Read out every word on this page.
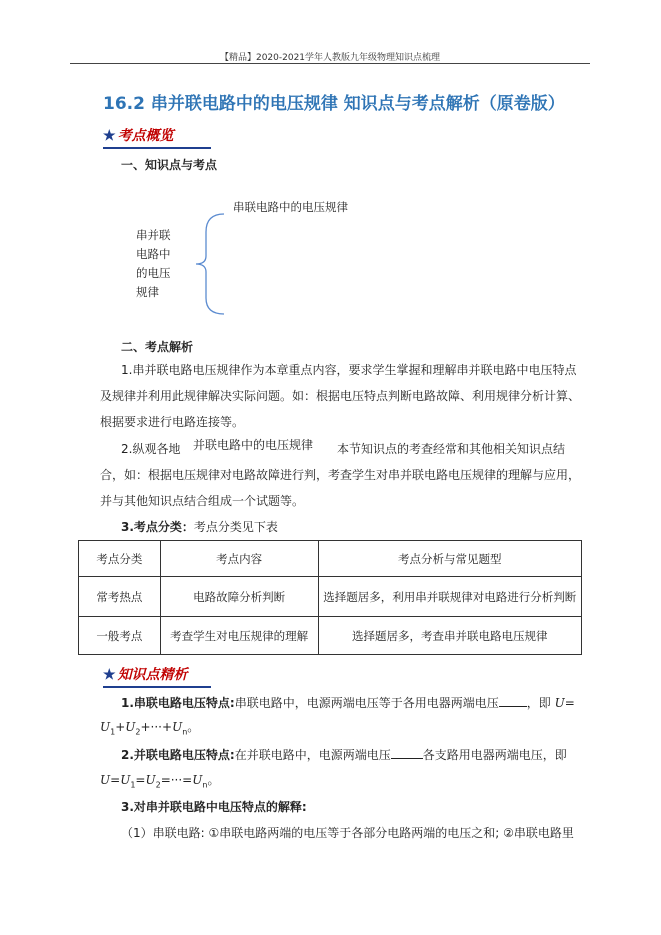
【精品】2020-2021学年人教版九年级物理知识点梳理
16.2 串并联电路中的电压规律 知识点与考点解析（原卷版）
★ 考点概览
一、知识点与考点
串并联
电路中
的电压
规律
串联电路中的电压规律
二、考点解析
1.串并联电路电压规律作为本章重点内容，要求学生掌握和理解串并联电路中电压特点
及规律并利用此规律解决实际问题。如：根据电压特点判断电路故障、利用规律分析计算、
根据要求进行电路连接等。
2.纵观各地	本节知识点的考查经常和其他相关知识点结
并联电路中的电压规律
合，如：根据电压规律对电路故障进行判，考查学生对串并联电路电压规律的理解与应用，
并与其他知识点结合组成一个试题等。
3.考点分类：考点分类见下表
考点分类	考点内容	考点分析与常见题型
常考热点	电路故障分析判断	选择题居多，利用串并联规律对电路进行分析判断
一般考点	考查学生对电压规律的理解	选择题居多，考查串并联电路电压规律
★ 知识点精析
1.串联电路电压特点:串联电路中，电源两端电压等于各用电器两端电压 ，即 U=
$U_1+U_2+\cdot\cdot\cdot+U_n$。
2.并联电路电压特点:在并联电路中，电源两端电压	各支路用电器两端电压，即
$U=U_1=U_2=\cdot\cdot\cdot=U_n$。
3.对串并联电路中电压特点的解释:
（1）串联电路: ①串联电路两端的电压等于各部分电路两端的电压之和; ②串联电路里
